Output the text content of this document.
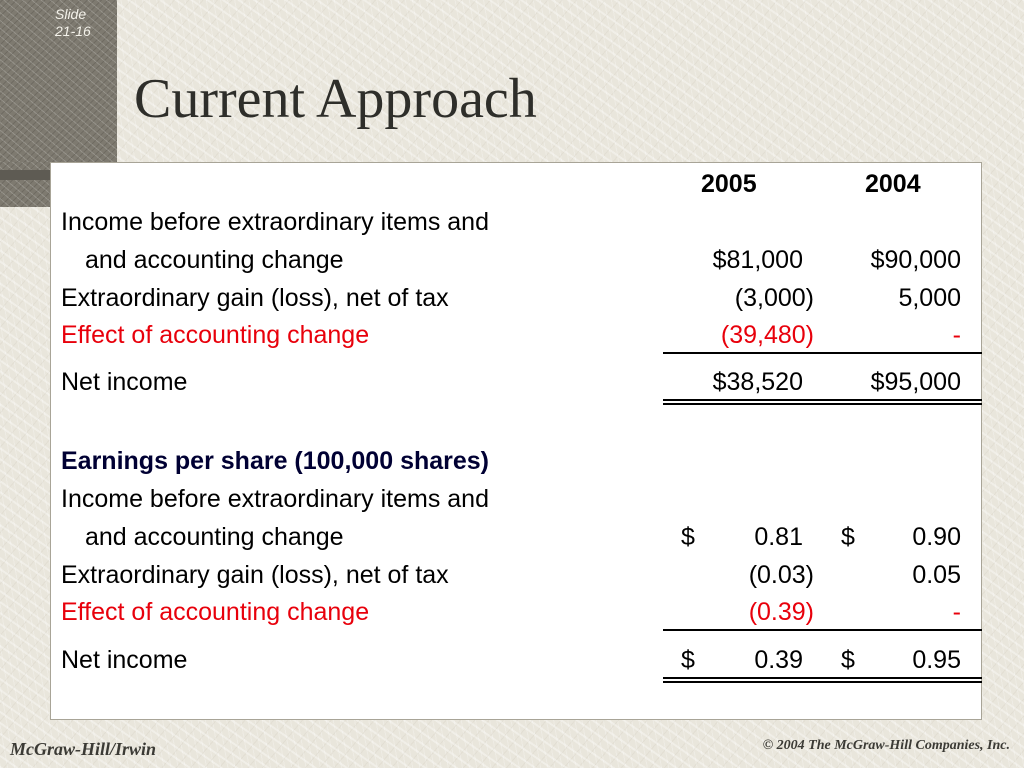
Slide
21-16
Current Approach
2005	2004
Income before extraordinary items and
and accounting change	$81,000	$90,000
Extraordinary gain (loss), net of tax	(3,000)	5,000
Effect of accounting change	(39,480)	-
Net income	$38,520	$95,000
Earnings per share (100,000 shares)
Income before extraordinary items and
and accounting change	$ 0.81 $ 0.90
Extraordinary gain (loss), net of tax	(0.03)	0.05
Effect of accounting change	(0.39)	-
Net income	$ 0.39 $ 0.95
McGraw-Hill/Irwin	© 2004 The McGraw-Hill Companies, Inc.
